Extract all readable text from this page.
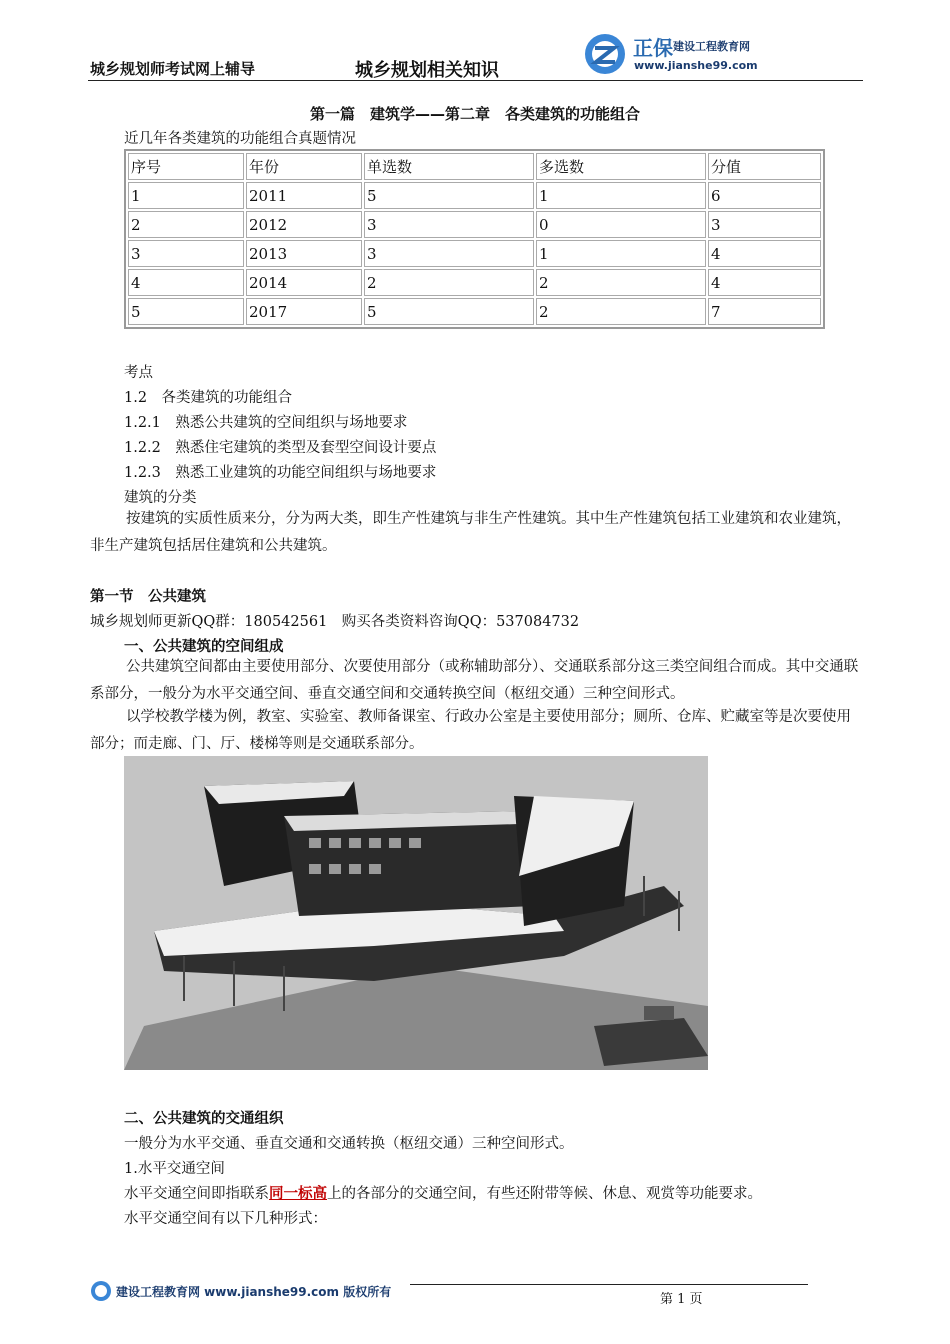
城乡规划师考试网上辅导	城乡规划相关知识
正保 建设工程教育网
www.jianshe99.com
第一篇　建筑学——第二章　各类建筑的功能组合
近几年各类建筑的功能组合真题情况
序号	年份	单选数	多选数	分值
1	2011	5	1	6
2	2012	3	0	3
3	2013	3	1	4
4	2014	2	2	4
5	2017	5	2	7
考点
1.2　各类建筑的功能组合
1.2.1　熟悉公共建筑的空间组织与场地要求
1.2.2　熟悉住宅建筑的类型及套型空间设计要点
1.2.3　熟悉工业建筑的功能空间组织与场地要求
建筑的分类
按建筑的实质性质来分，分为两大类，即生产性建筑与非生产性建筑。其中生产性建筑包括工业建筑和农业建筑，非生产建筑包括居住建筑和公共建筑。
第一节　公共建筑
城乡规划师更新QQ群：180542561　购买各类资料咨询QQ：537084732
一、公共建筑的空间组成
公共建筑空间都由主要使用部分、次要使用部分（或称辅助部分）、交通联系部分这三类空间组合而成。其中交通联系部分，一般分为水平交通空间、垂直交通空间和交通转换空间（枢纽交通）三种空间形式。
以学校教学楼为例，教室、实验室、教师备课室、行政办公室是主要使用部分；厕所、仓库、贮藏室等是次要使用部分；而走廊、门、厅、楼梯等则是交通联系部分。
二、公共建筑的交通组织
一般分为水平交通、垂直交通和交通转换（枢纽交通）三种空间形式。
1.水平交通空间
水平交通空间即指联系同一标高上的各部分的交通空间，有些还附带等候、休息、观赏等功能要求。
水平交通空间有以下几种形式：
建设工程教育网 www.jianshe99.com 版权所有	第 1 页
